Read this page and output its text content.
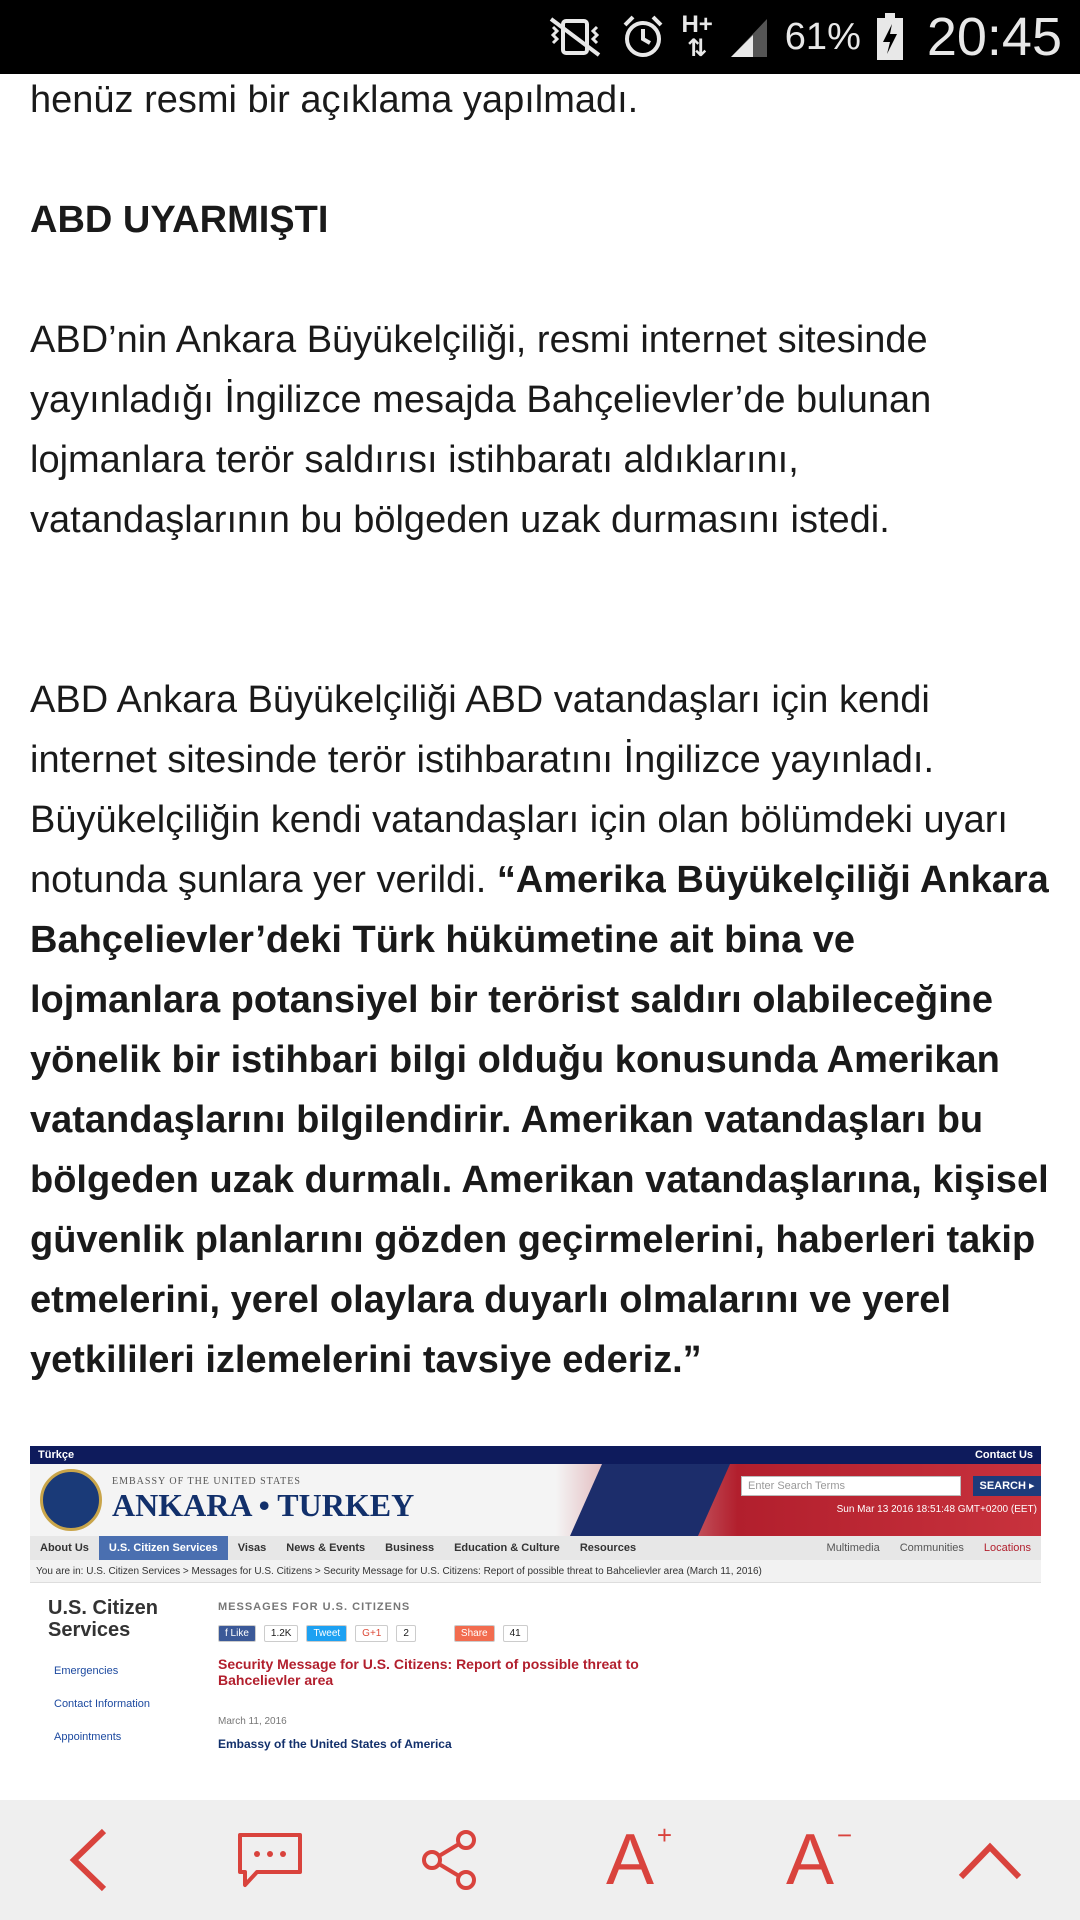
H+
⇅ 61% 20:45

henüz resmi bir açıklama yapılmadı.

ABD UYARMIŞTI

ABD’nin Ankara Büyükelçiliği, resmi internet sitesinde yayınladığı İngilizce mesajda Bahçelievler’de bulunan lojmanlara terör saldırısı istihbaratı aldıklarını, vatandaşlarının bu bölgeden uzak durmasını istedi.

ABD Ankara Büyükelçiliği ABD vatandaşları için kendi internet sitesinde terör istihbaratını İngilizce yayınladı. Büyükelçiliğin kendi vatandaşları için olan bölümdeki uyarı notunda şunlara yer verildi. “Amerika Büyükelçiliği Ankara Bahçelievler’deki Türk hükümetine ait bina ve lojmanlara potansiyel bir terörist saldırı olabileceğine yönelik bir istihbari bilgi olduğu konusunda Amerikan vatandaşlarını bilgilendirir. Amerikan vatandaşları bu bölgeden uzak durmalı. Amerikan vatandaşlarına, kişisel güvenlik planlarını gözden geçirmelerini, haberleri takip etmelerini, yerel olaylara duyarlı olmalarını ve yerel yetkilileri izlemelerini tavsiye ederiz.”

Türkçe	Contact Us
EMBASSY OF THE UNITED STATES
ANKARA • TURKEY
Enter Search Terms	SEARCH ▸
Sun Mar 13 2016 18:51:48 GMT+0200 (EET)
About Us	U.S. Citizen Services	Visas	News & Events	Business	Education & Culture	Resources	Multimedia	Communities	Locations
You are in: U.S. Citizen Services > Messages for U.S. Citizens > Security Message for U.S. Citizens: Report of possible threat to Bahcelievler area (March 11, 2016)
U.S. Citizen Services
Emergencies
Contact Information
Appointments
MESSAGES FOR U.S. CITIZENS
f Like	1.2K	Tweet	G+1	2	Share	41
Security Message for U.S. Citizens: Report of possible threat to Bahcelievler area
March 11, 2016
Embassy of the United States of America
A + A −
